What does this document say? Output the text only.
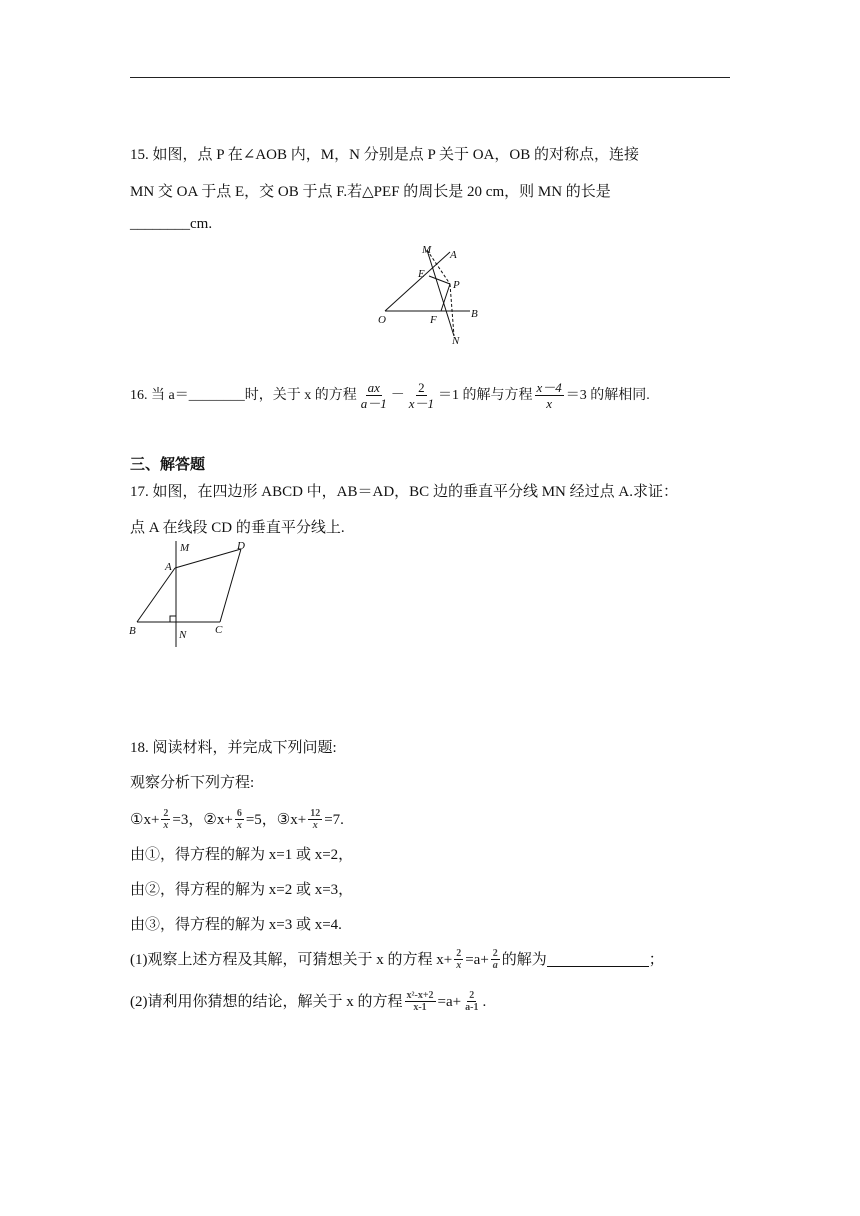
15. 如图，点 P 在∠AOB 内，M，N 分别是点 P 关于 OA，OB 的对称点，连接
MN 交 OA 于点 E，交 OB 于点 F.若△PEF 的周长是 20 cm，则 MN 的长是
________cm.
M A
E
P
O	F	B
N
16. 当 a＝ ________ 时，关于 x 的方程 $\frac{ax}{a-1} - \frac{2}{x-1} =1$ 的解与方程 $\frac{x-4}{x} =3$ 的解相同.
三、解答题
17. 如图，在四边形 ABCD 中，AB＝AD，BC 边的垂直平分线 MN 经过点 A.求证：
点 A 在线段 CD 的垂直平分线上.
M	D
A
B	N	C
18. 阅读材料，并完成下列问题:
观察分析下列方程:
①x+ $\frac{2}{x} =3$， ②x+ $\frac{6}{x} =5$， ③x+ $\frac{12}{x} =7$.
由①，得方程的解为 x=1 或 x=2，
由②，得方程的解为 x=2 或 x=3，
由③，得方程的解为 x=3 或 x=4.
(1)观察上述方程及其解，可猜想关于 x 的方程 $x+ \frac{2}{x} =a+ \frac{2}{a}$ 的解为	；
(2)请利用你猜想的结论，解关于 x 的方程 $\frac{\text{x²-x+2}}{x-1} =a+ \frac{2}{a-1}$ .
